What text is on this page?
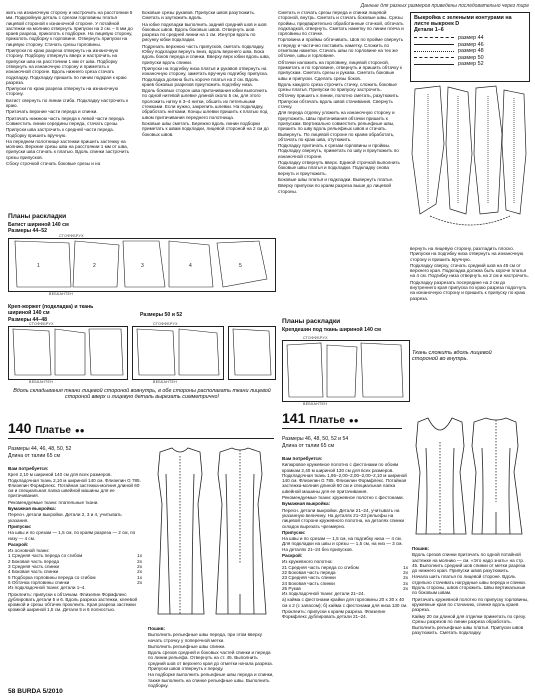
Данные для разных размеров приведены последовательно через тире

жить на изнаночную сторону и настрочить на расстоянии 5 мм. Подкройную деталь с срезом горловины платья лицевой стороной к изнаночной стороне. У потайной застежки на молнию отвернуть припуски на 2 см. – 5 мм до краев разреза, приколоть к подборке. На лицевую сторону, приколоть подборку к горловине. Отвернуть припуски на лицевую сторону. Стачать срезы горловины.

Припуски по краю разреза отвернуть на изнаночную сторону. Подборку отвернуть вверх и настрочить на припуски шва на расстоянии 1 мм от шва. Подборку отвернуть на изнаночную сторону и приметать к изнаночной стороне. Вдоль нижнего среза стачать подкладку. Подкладку пришить по линии подкрая к краю разреза.

Припуски по краю разреза отвернуть на изнаночную сторону.

Батист свернуть по линии сгиба. Подкладку настрочить к краю.

Притачать верхние части переда и спинки.

Притачать нижнюю часть переда к левой части переда. Совместить линии середины переда, стачать срезы.

Припуски шва застрочить к средней части переда. Подборку пришить вручную.

На переднем полотнище застежки пришить застежку на молнию. Верхние срезы шва на расстоянии 1 мм от шва, припуски шва стачать к платью. Вдоль спинки застрочить срезы припусков.

Сбоку строчкой стачать боковые срезы и на

Боковые срезы рукавов. Припуски швов разутюжить. Сметать и заутюжить вдоль.

На юбке подкладки выполнить задний средний шов и шов боковых швов. Вдоль боковых швов. Отвернуть шов разреза по средней линии на 1 см. Изнутри вдоль по рисунку юбки подкладки.

Подрезать верхнюю часть припусков, сметать подкладку. Юбку подкладки вернуть вниз, вдоль верхнего шва. Бока вдоль боков переда и спинки. Вверху верх юбки вдоль шва, припуски вдоль спинки.

Припуски на подгибку низа платья и рукавов отвернуть на изнаночную сторону, заметать вручную подгибку припуска. Подкладка должна быть короче платья на 2 см. Вдоль краев боковых разрезов приутюжить подгибку низа.

Вдоль боковых сторон шва притачивания юбки выполнить по одной нитевой шлевке длиной около 5 см, для этого проложить нитку в 3–4 нитки, обшить их петельными стежками. Если нужно, закрепить шлевки. На подкладку, обработать нитками. Концы шлевки пришить к платью под швом притачивания переднего полотнища.

Боковые швы сметать. Бережно вдоль линии подборки приметать к швам подкладки, лицевой стороной на 2 см до боковых швов.

Сметать и стачать срезы переда и спинки лицевой стороной, внутрь. Сметать и стачать боковые швы. Срезы проймы, предварительно обработанные стачкой, обтачать подкладкой, отвернуть. Сметать наметку по линии плеча и горловины по стачке.

Горловина и проймы обтачивать. Шов по пройме свернуть к переду и частично поставить наметку. Сложить по отметкам наметки. Стачать швы по горловине на тех же обтачке, швы и горловине.

Обтачки наложить на горловину, лицевой стороной, приметать и по горловине, отвернуть и пришить обтачку к припускам. Сметать срезы и рукава. Сметать боковые швы и припуски. Сделать срезы боков.

Вдоль каждого среза строчить стачку, сложить боковые срезы платья. Припуски по припуску застрочить.

Обтачку пришить к линии, полотно сметать, разутюжить. Припуски обтачать вдоль швов стачивания. Свернуть стачку.

Для переда отделку уложить на изнаночную сторону и приутюжить. Швы притачивания обтачки пришить к припускам. Вертикально совместить рельефные швы, пришить по шву вдоль рельефных швов и стачать. Вывернуть. По лицевой стороне по краям обработать, обтачать по краю шва, отутюжить.

Подкладку притачать к срезам горловины и проймы. Подкладку свернуть, приметать по шву и приутюжить по изнаночной стороне.

Подкладку отвернуть вверх. Единой строчкой выполнить боковые швы платья и подкладки. Подкладку снова вернуть и приутюжить.

Боковые швы платья и подкладки. Вывернуть платье.

Вверху припуски по краям разреза выше до лицевой стороны.

Выкройка с зелеными контурами на листе выкроек D
Детали 1–6
размер 44
размер 46
размер 48
размер 50
размер 52

вернуть на лицевую сторону, разгладить плоско. Припуски на подгибку низа отвернуть на изнаночную сторону и пришить вручную.

Подкладку сверху, стачать средний шов на 45 см от верхнего края. Подкладка должна быть короче платья на 4 см. Подгибку низа отвернуть на 2 см и настрочить.

Подкладку разрезать посередине на 2 см до внутреннего края припуска по краю разреза подогнуть на изнаночную сторону и пришить к припуску по краю разреза.

Планы раскладки
Батист шириной 140 см
Размеры 44–52
СТОФФБРУХ
ВЕБКАНТЕН
1	2	3	4	5
Креп-жоржет (подкладка) и ткань шириной 140 см
Размеры 44–48
Размеры 50 и 52
СТОФФБРУХ
ВЕБКАНТЕН
СТОФФБРУХ
ВЕБКАНТЕН
Вдоль складывания ткани лицевой стороной вовнутрь, в обе стороны располагать ткани лицевой стороной вверх и лицевую деталь вырезать симметрично!
Планы раскладки
Крепдешин под ткань шириной 140 см
СТОФФБРУХ
ВЕБКАНТЕН
Ткань сложить вдоль лицевой стороной во внутрь.
140 Платье ●●
Размеры 44, 46, 48, 50, 52
Длина от талии 65 см

Вам потребуется:

Креп 2,10 м шириной 140 см для всех размеров. Подкладочная ткань 2,10 м шириной 140 см. Флизелин G 785. Флизелин Формфлекс. Потайная застежка-молния длиной 60 см и специальная лапка швейной машины для ее притачивания.

Рекомендуемые ткани: плательные ткани.

Бумажная выкройка:

Пересн. детали выкройки. Детали 2, 3 и 4, учитывать указания.

Припуски:

На швы и по срезам — 1,5 см, по краям разреза — 2 см, по низу — 4 см.

Раскрой:

Из основной ткани:

1 Средняя часть переда со сгибом	1х
2 Боковая часть переда	2х
3 Средняя часть спинки	2х
4 Боковая часть спинки	2х
5 Подборка горловины переда со сгибом	1х
6 Обтачка горловины спинки	2х

Из подкладочной ткани: детали 1–4.

Проклеить: припуски к обтачкам. Флизелин Формфлекс дублировать детали 5 и 6. Вдоль разреза застежки, клеевой кромкой и срезы обтачек проклеить. Края разреза застежки кромкой шириной 1,5 см. Детали 5 и 6 полностью.

Пошив:

Выполнить рельефные швы переда, при этом вверху начать строчку у поперечной метки.

Выполнить рельефные швы спинки.

Вдоль срезов средней и боковых частей спинки и переда по линии рельефа. Отвернуть на ст. 45. Выполнить средний шов от верхнего края до отметки начала разреза. Припуски швов отвернуть к переду.

На подборке выполнить рельефные швы переда и спинки, также выполнить на спинке рельефные швы. Выполнить подборку.

141 Платье ●●
Размеры 46, 48, 50, 52 и 54
Длина от талии 65 см

Вам потребуется:

Кипюровое кружевное полотно с фестонами по обоим кромкам 2,40 м шириной 130 см для всех размеров. Подкладочная ткань 1,95–2,00–2,00–2,00–2,10 м шириной 140 см. Флизелин G 785. Флизелин Формфлекс. Потайная застежка-молния длиной 60 см и специальная лапка швейной машины для ее притачивания.

Рекомендуемые ткани: кружевное полотно с фестонами.

Бумажная выкройка:

Пересн. детали выкройки. Детали 21–24, учитывать на указанную величину. На деталях 21–23 рельефы на лицевой стороне кружевного полотна, на деталях спинки складок вырезать чрезмерно.

Припуски:

На швы и по срезам — 1,5 см, на подгибку низа — 4 см. Для подкладки на швы и срезы — 1,5 см, на низ — 3 см. На деталях 21–24 без припусков.

Раскрой:

Из кружевного полотна:

21 Средняя часть переда со сгибом	1х
22 Боковая часть переда	2х
23 Средняя часть спинки	2х
24 Боковая часть спинки	2х
25 Рукав	2х

Из подкладочной ткани: детали 21–24.

а) кайма с фестонами крайки для горловины 20 х 30 х 40 см х 2 (с запасом); б) кайма с фестонами для низа 130 см.

Проклеить: припуски к краям разреза. Флизелин Формфлекс дублировать детали 21–24.

Пошив:

Вдоль срезов спинки притачать по одной потайной застежке на молнию — см. «Это надо знать» на стр. 45. Выполнить средний шов спинки от метки разреза до нижнего края. Припуски швов разутюжить.

Начала шить платья по лицевой стороне. Вдоль отдельно стачивать нагрудные швы переда и спинки. Вдоль стороны, швов сторожить. Швы вертикальные по боковым швам.

Притачать кружевной полотно по припуску горловины, кружевные края по стачанию, спинке вдоль краев разреза.

Кайму 20 см длиной для отделки приметать по срезу. Срезы разрезов по линии разреза обработать.

Выполнить рельефные швы платья. Припуски швов разутюжить. Сметать подкладку.

58 BURDA 5/2010
